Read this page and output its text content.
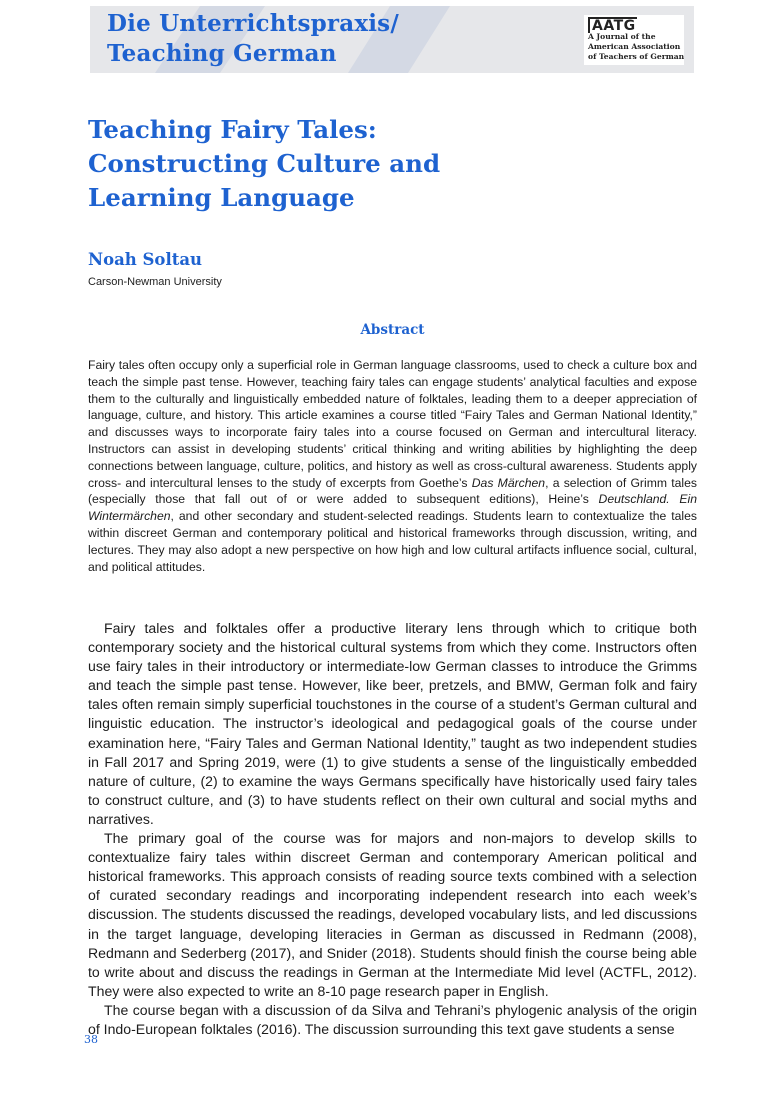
Die Unterrichtspraxis/
Teaching German

AATG

A Journal of the
American Association
of Teachers of German

Teaching Fairy Tales:
Constructing Culture and
Learning Language

Noah Soltau

Carson-Newman University

Abstract

Fairy tales often occupy only a superficial role in German language classrooms, used to check a culture box and teach the simple past tense. However, teaching fairy tales can engage students’ analytical faculties and expose them to the culturally and linguistically embedded nature of folktales, leading them to a deeper appreciation of language, culture, and history. This article examines a course titled “Fairy Tales and German National Identity,” and discusses ways to incorporate fairy tales into a course focused on German and intercultural literacy. Instructors can assist in developing students’ critical thinking and writing abilities by highlighting the deep connections between language, culture, politics, and history as well as cross-cultural awareness. Students apply cross- and intercultural lenses to the study of excerpts from Goethe’s Das Märchen, a selection of Grimm tales (especially those that fall out of or were added to subsequent editions), Heine’s Deutschland. Ein Wintermärchen, and other secondary and student-selected readings. Students learn to contextualize the tales within discreet German and contemporary political and historical frameworks through discussion, writing, and lectures. They may also adopt a new perspective on how high and low cultural artifacts influence social, cultural, and political attitudes.

Fairy tales and folktales offer a productive literary lens through which to critique both contemporary society and the historical cultural systems from which they come. Instructors often use fairy tales in their introductory or intermediate-low German classes to introduce the Grimms and teach the simple past tense. However, like beer, pretzels, and BMW, German folk and fairy tales often remain simply superficial touchstones in the course of a student’s German cultural and linguistic education. The instructor’s ideological and pedagogical goals of the course under examination here, “Fairy Tales and German National Identity,” taught as two independent studies in Fall 2017 and Spring 2019, were (1) to give students a sense of the linguistically embedded nature of culture, (2) to examine the ways Germans specifically have historically used fairy tales to construct culture, and (3) to have students reflect on their own cultural and social myths and narratives.

The primary goal of the course was for majors and non-majors to develop skills to contextualize fairy tales within discreet German and contemporary American political and historical frameworks. This approach consists of reading source texts combined with a selection of curated secondary readings and incorporating independent research into each week’s discussion. The students discussed the readings, developed vocabulary lists, and led discussions in the target language, developing literacies in German as discussed in Redmann (2008), Redmann and Sederberg (2017), and Snider (2018). Students should finish the course being able to write about and discuss the readings in German at the Intermediate Mid level (ACTFL, 2012). They were also expected to write an 8-10 page research paper in English.

The course began with a discussion of da Silva and Tehrani’s phylogenic analysis of the origin of Indo-European folktales (2016). The discussion surrounding this text gave students a sense

38
